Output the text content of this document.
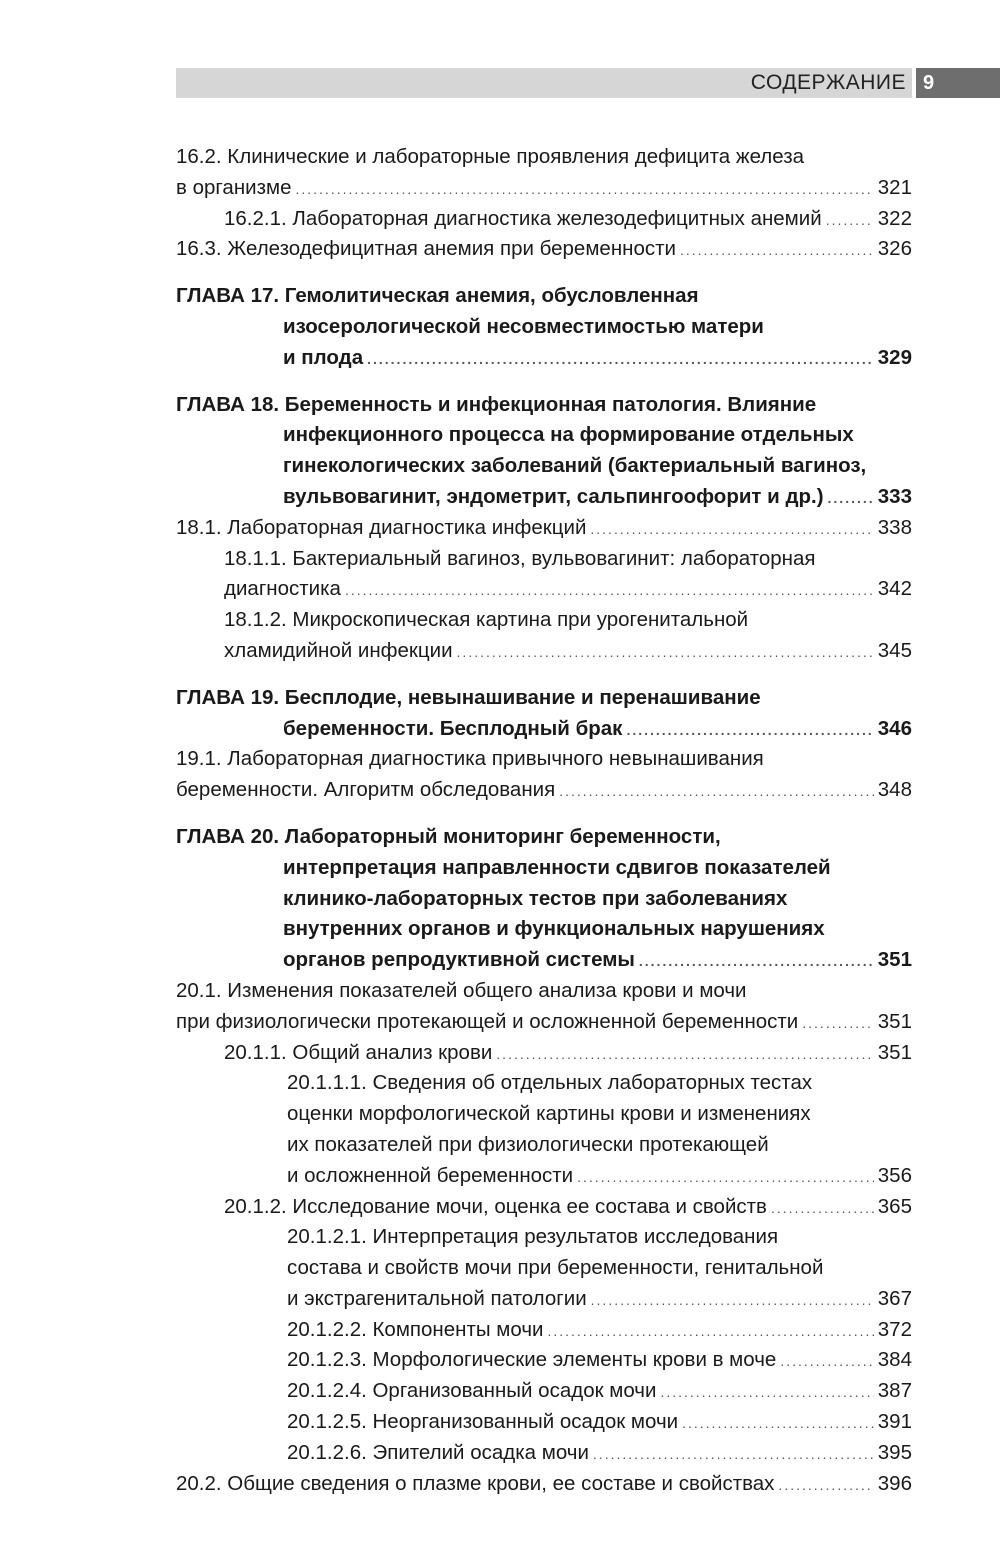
СОДЕРЖАНИЕ 9
16.2. Клинические и лабораторные проявления дефицита железа
в организме .....	321
16.2.1. Лабораторная диагностика железодефицитных анемий .....	322
16.3. Железодефицитная анемия при беременности .....	326
ГЛАВА 17. Гемолитическая анемия, обусловленная
изосерологической несовместимостью матери
и плода .....	329
ГЛАВА 18. Беременность и инфекционная патология. Влияние
инфекционного процесса на формирование отдельных
гинекологических заболеваний (бактериальный вагиноз,
вульвовагинит, эндометрит, сальпингоофорит и др.) .....	333
18.1. Лабораторная диагностика инфекций .....	338
18.1.1. Бактериальный вагиноз, вульвовагинит: лабораторная
диагностика .....	342
18.1.2. Микроскопическая картина при урогенитальной
хламидийной инфекции .....	345
ГЛАВА 19. Бесплодие, невынашивание и перенашивание
беременности. Бесплодный брак .....	346
19.1. Лабораторная диагностика привычного невынашивания
беременности. Алгоритм обследования .....	348
ГЛАВА 20. Лабораторный мониторинг беременности,
интерпретация направленности сдвигов показателей
клинико-лабораторных тестов при заболеваниях
внутренних органов и функциональных нарушениях
органов репродуктивной системы .....	351
20.1. Изменения показателей общего анализа крови и мочи
при физиологически протекающей и осложненной беременности .....	351
20.1.1. Общий анализ крови .....	351
20.1.1.1. Сведения об отдельных лабораторных тестах
оценки морфологической картины крови и изменениях
их показателей при физиологически протекающей
и осложненной беременности .....	356
20.1.2. Исследование мочи, оценка ее состава и свойств .....	365
20.1.2.1. Интерпретация результатов исследования
состава и свойств мочи при беременности, генитальной
и экстрагенитальной патологии .....	367
20.1.2.2. Компоненты мочи .....	372
20.1.2.3. Морфологические элементы крови в моче .....	384
20.1.2.4. Организованный осадок мочи .....	387
20.1.2.5. Неорганизованный осадок мочи .....	391
20.1.2.6. Эпителий осадка мочи .....	395
20.2. Общие сведения о плазме крови, ее составе и свойствах .....	396
